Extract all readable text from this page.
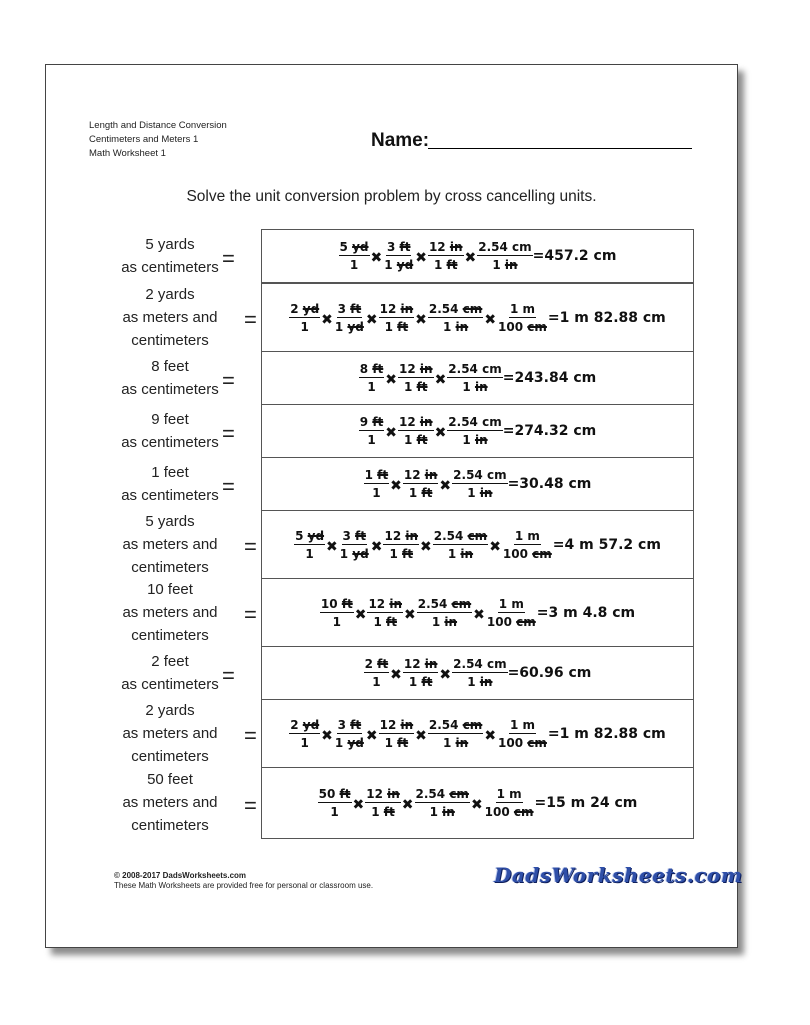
Length and Distance Conversion
Centimeters and Meters 1
Math Worksheet 1
Name:
Solve the unit conversion problem by cross cancelling units.
5 yards
as centimeters =	$\frac{5 yd}{1}$ ✖ $\frac{3 ft}{1 yd}$ ✖ $\frac{12 in}{1 ft}$ ✖ $\frac{2.54 cm}{1 in} =457.2$ cm
2 yards
as meters and
centimeters
=	$\frac{2 yd}{1}$ ✖ $\frac{3 ft}{1 yd}$ ✖ $\frac{12 in}{1 ft}$ ✖ $\frac{2.54 cm}{1 in}$ ✖ $\frac{1 m}{100 cm} =1$ m 82.88 cm
8 feet
as centimeters =	$\frac{8 ft}{1}$ ✖ $\frac{12 in}{1 ft}$ ✖ $\frac{2.54 cm}{1 in} =243.84$ cm
9 feet
as centimeters =	$\frac{9 ft}{1}$ ✖ $\frac{12 in}{1 ft}$ ✖ $\frac{2.54 cm}{1 in} =274.32$ cm
1 feet
as centimeters =	$\frac{1 ft}{1}$ ✖ $\frac{12 in}{1 ft}$ ✖ $\frac{2.54 cm}{1 in} =30.48$ cm
5 yards
as meters and
centimeters
=	$\frac{5 yd}{1}$ ✖ $\frac{3 ft}{1 yd}$ ✖ $\frac{12 in}{1 ft}$ ✖ $\frac{2.54 cm}{1 in}$ ✖ $\frac{1 m}{100 cm} =4$ m 57.2 cm
10 feet
as meters and
centimeters
=	$\frac{10 ft}{1}$ ✖ $\frac{12 in}{1 ft}$ ✖ $\frac{2.54 cm}{1 in}$ ✖ $\frac{1 m}{100 cm} =3$ m 4.8 cm
2 feet
as centimeters =	$\frac{2 ft}{1}$ ✖ $\frac{12 in}{1 ft}$ ✖ $\frac{2.54 cm}{1 in} =60.96$ cm
2 yards
as meters and
centimeters
=	$\frac{2 yd}{1}$ ✖ $\frac{3 ft}{1 yd}$ ✖ $\frac{12 in}{1 ft}$ ✖ $\frac{2.54 cm}{1 in}$ ✖ $\frac{1 m}{100 cm} =1$ m 82.88 cm
50 feet
as meters and
centimeters
=	$\frac{50 ft}{1}$ ✖ $\frac{12 in}{1 ft}$ ✖ $\frac{2.54 cm}{1 in}$ ✖ $\frac{1 m}{100 cm} =15$ m 24 cm
© 2008-2017 DadsWorksheets.com
These Math Worksheets are provided free for personal or classroom use.	DadsWorksheets.com
